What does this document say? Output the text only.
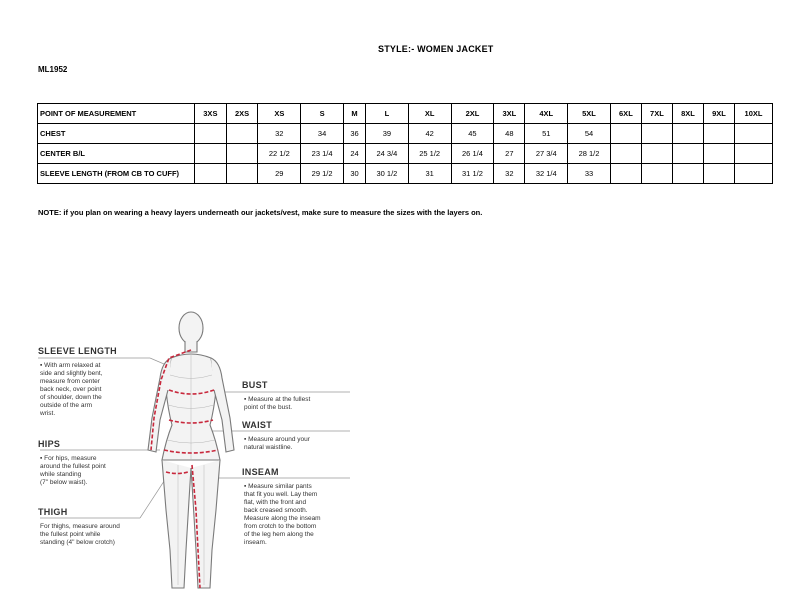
STYLE:- WOMEN JACKET
ML1952
POINT OF MEASUREMENT	3XS	2XS	XS	S	M	L	XL	2XL	3XL	4XL	5XL	6XL	7XL	8XL	9XL	10XL
CHEST			32	34	36	39	42	45	48	51	54					
CENTER B/L			22 1/2	23 1/4	24	24 3/4	25 1/2	26 1/4	27	27 3/4	28 1/2					
SLEEVE LENGTH (FROM CB TO CUFF)			29	29 1/2	30	30 1/2	31	31 1/2	32	32 1/4	33					
NOTE: if you plan on wearing a heavy layers underneath our jackets/vest, make sure to measure the sizes with the layers on.
SLEEVE LENGTH
▪ With arm relaxed at
side and slightly bent,
measure from center
back neck, over point
of shoulder, down the
outside of the arm
wrist.
HIPS
▪ For hips, measure
around the fullest point
while standing
(7" below waist).
THIGH
For thighs, measure around
the fullest point while
standing (4" below crotch)
BUST
▪ Measure at the fullest
point of the bust.
WAIST
▪ Measure around your
natural waistline.
INSEAM
▪ Measure similar pants
that fit you well. Lay them
flat, with the front and
back creased smooth.
Measure along the inseam
from crotch to the bottom
of the leg hem along the
inseam.
